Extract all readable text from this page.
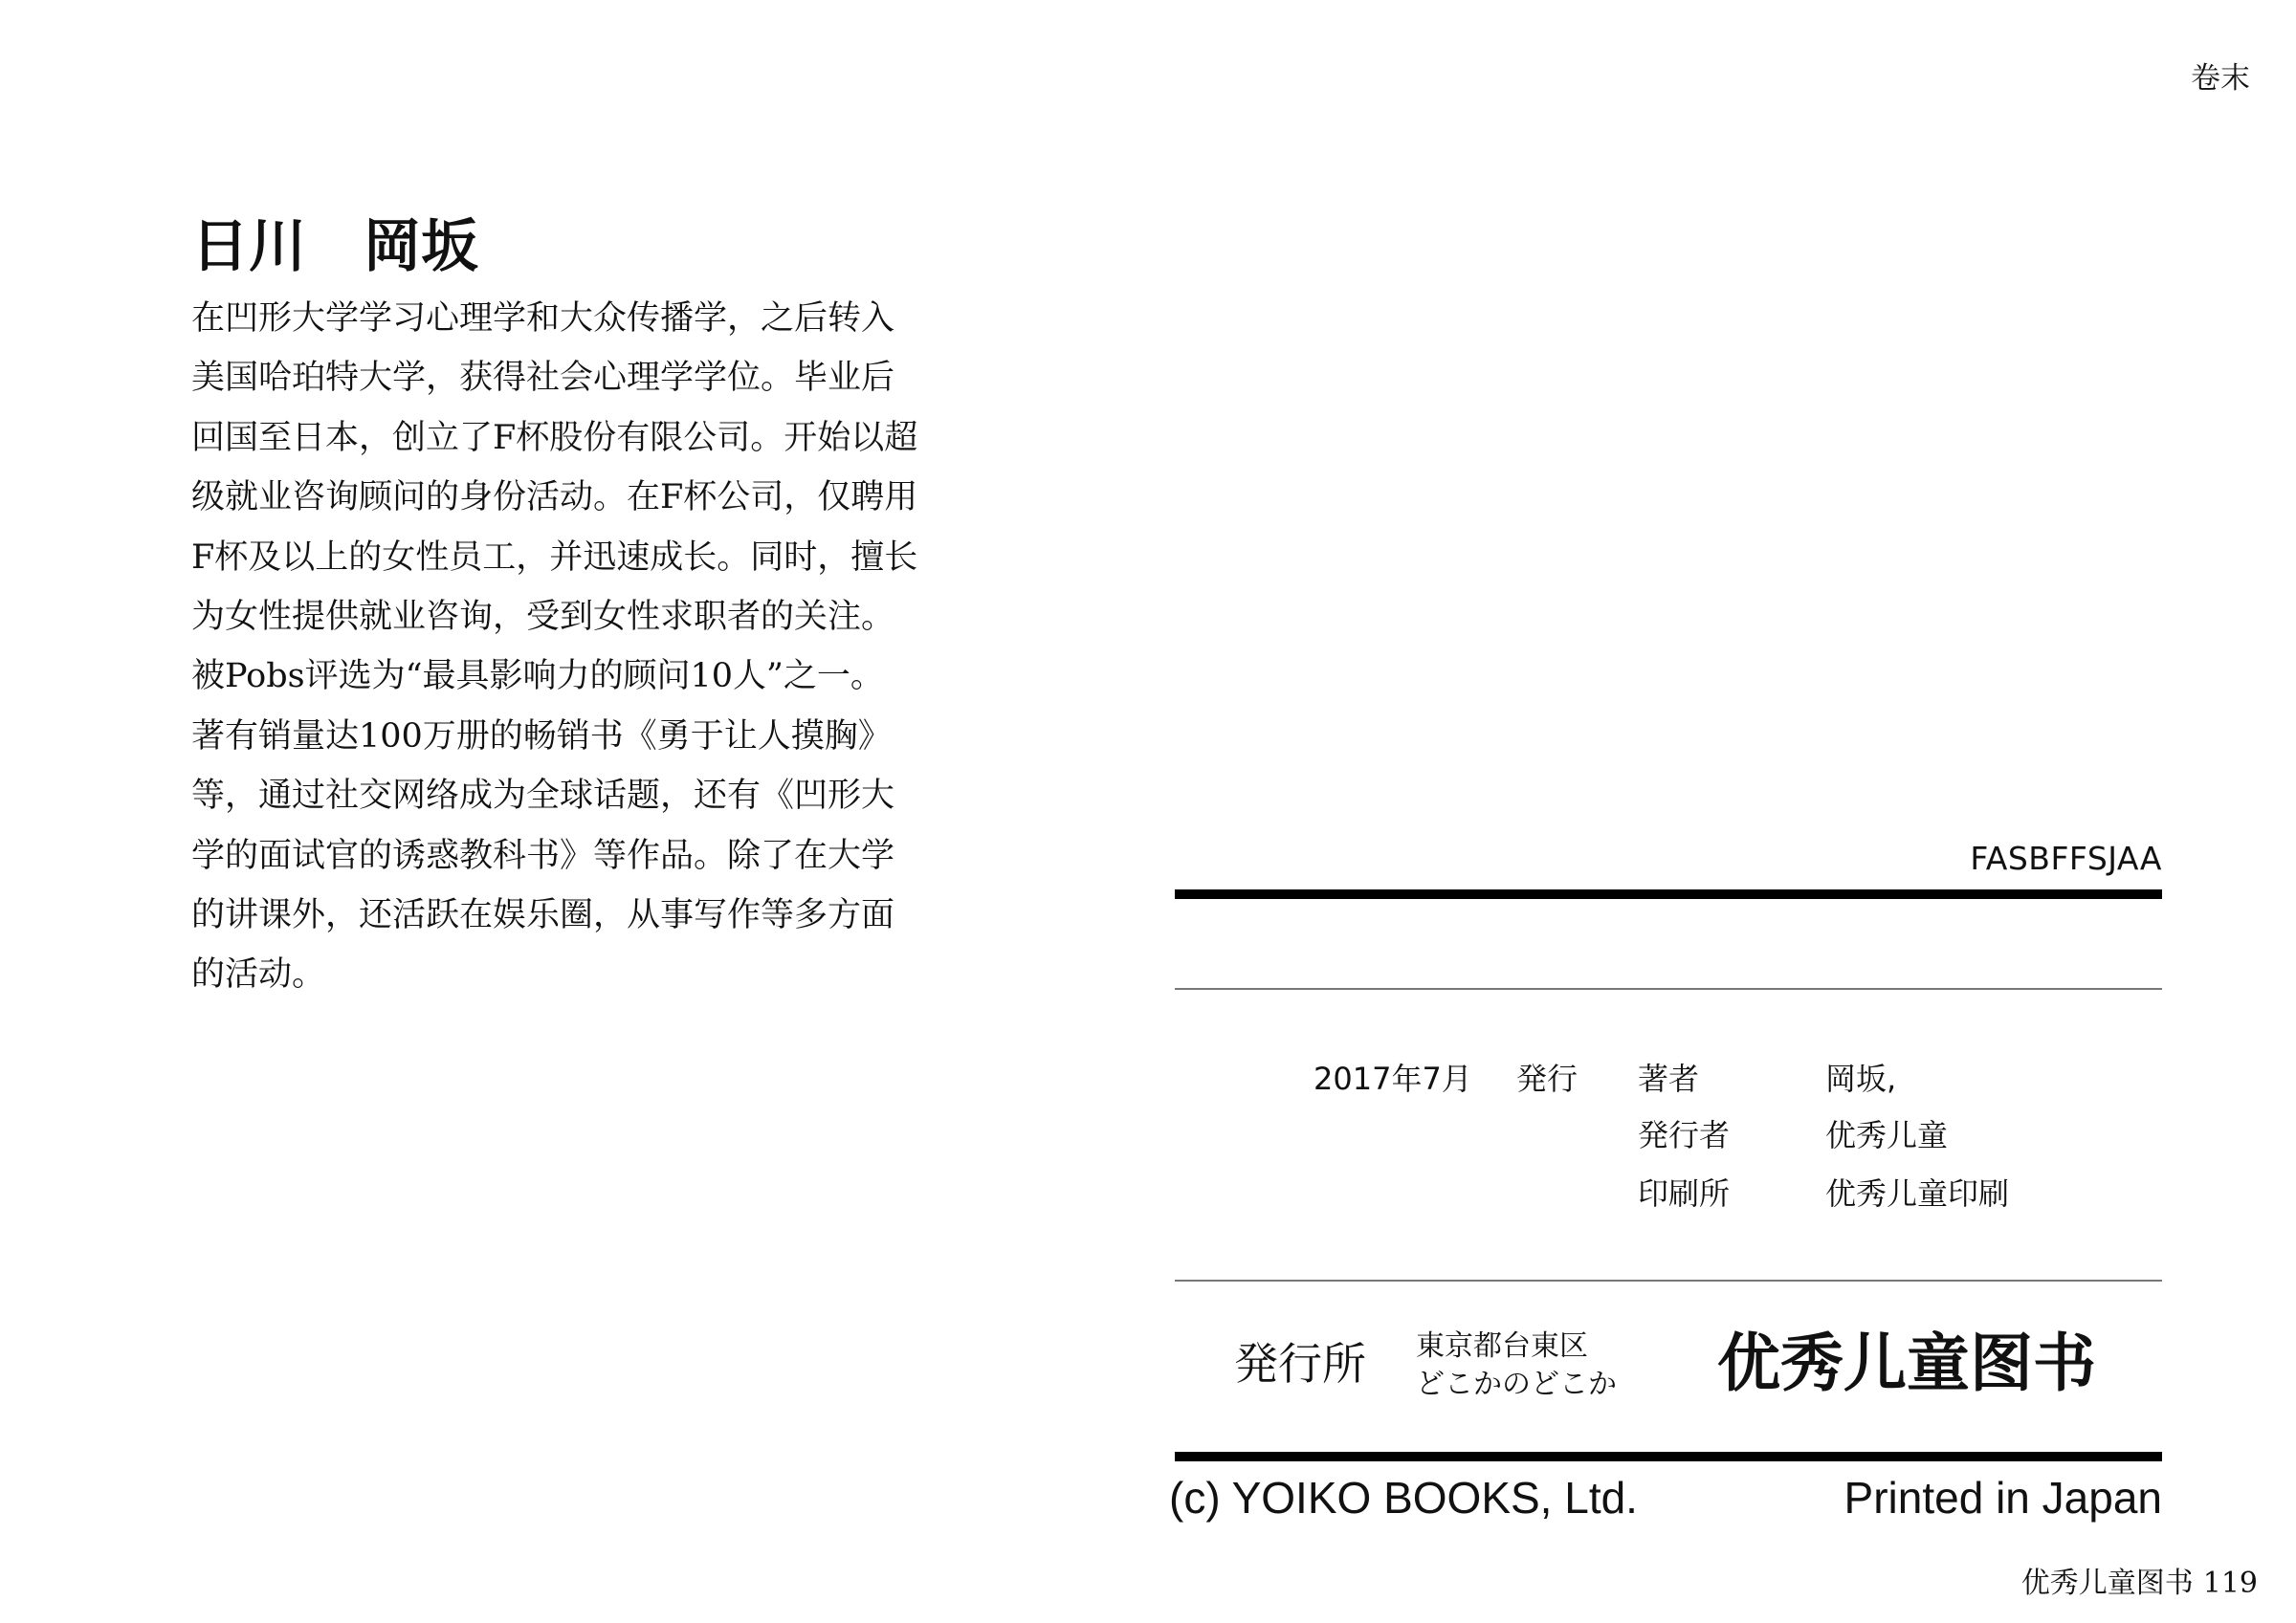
卷末
日川　岡坂
在凹形大学学习心理学和大众传播学，之后转入
美国哈珀特大学，获得社会心理学学位。毕业后
回国至日本，创立了F杯股份有限公司。开始以超
级就业咨询顾问的身份活动。在F杯公司，仅聘用
F杯及以上的女性员工，并迅速成长。同时，擅长
为女性提供就业咨询，受到女性求职者的关注。
被Pobs评选为“最具影响力的顾问10人”之一。
著有销量达100万册的畅销书《勇于让人摸胸》
等，通过社交网络成为全球话题，还有《凹形大
学的面试官的诱惑教科书》等作品。除了在大学
的讲课外，还活跃在娱乐圈，从事写作等多方面
的活动。
FASBFFSJAA
2017年7月 発行 著者	岡坂,
発行者	优秀儿童
印刷所	优秀儿童印刷
発行所 東京都台東区
どこかのどこか 优秀儿童图书
(c) YOIKO BOOKS, Ltd.	Printed in Japan
优秀儿童图书 119
